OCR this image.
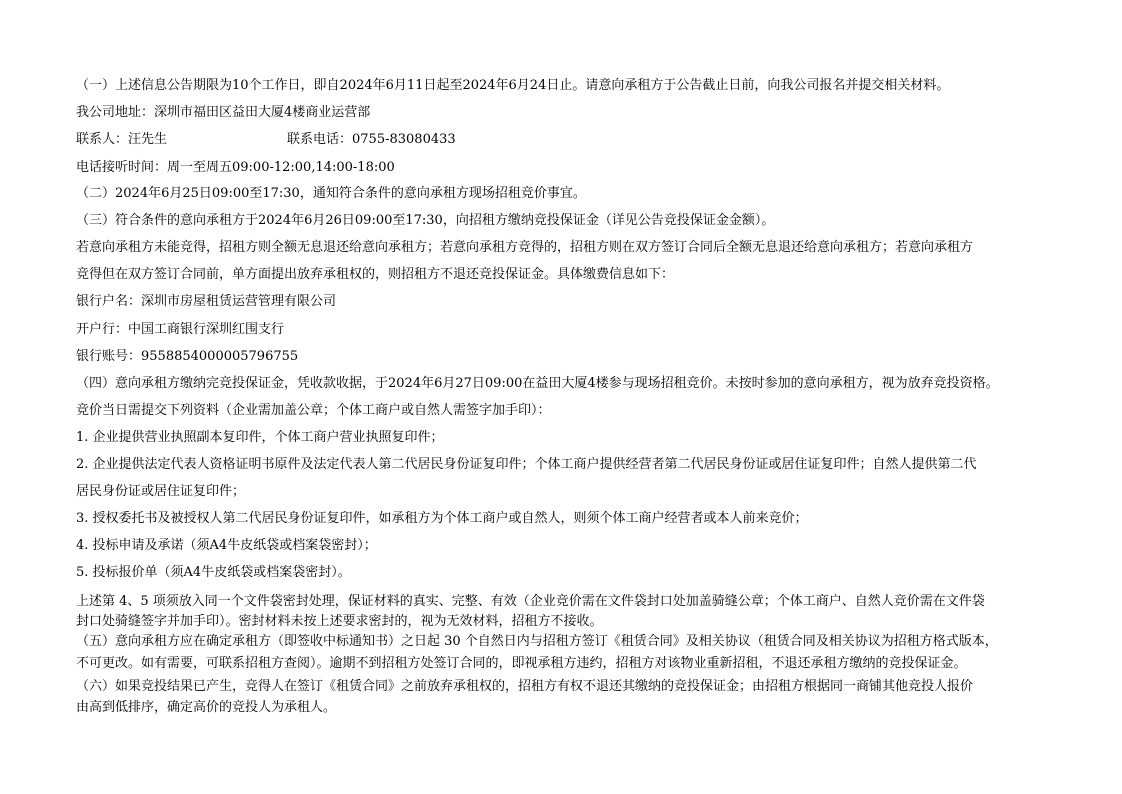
（一）上述信息公告期限为10个工作日，即自2024年6月11日起至2024年6月24日止。请意向承租方于公告截止日前，向我公司报名并提交相关材料。
我公司地址：深圳市福田区益田大厦4楼商业运营部
联系人：汪先生	联系电话：0755-83080433
电话接听时间：周一至周五09:00-12:00,14:00-18:00
（二）2024年6月25日09:00至17:30，通知符合条件的意向承租方现场招租竞价事宜。
（三）符合条件的意向承租方于2024年6月26日09:00至17:30，向招租方缴纳竞投保证金（详见公告竞投保证金金额）。
若意向承租方未能竞得，招租方则全额无息退还给意向承租方；若意向承租方竞得的，招租方则在双方签订合同后全额无息退还给意向承租方；若意向承租方
竞得但在双方签订合同前，单方面提出放弃承租权的，则招租方不退还竞投保证金。具体缴费信息如下：
银行户名：深圳市房屋租赁运营管理有限公司
开户行：中国工商银行深圳红围支行
银行账号：9558854000005796755
（四）意向承租方缴纳完竞投保证金，凭收款收据，于2024年6月27日09:00在益田大厦4楼参与现场招租竞价。未按时参加的意向承租方，视为放弃竞投资格。
竞价当日需提交下列资料（企业需加盖公章；个体工商户或自然人需签字加手印）：
1. 企业提供营业执照副本复印件，个体工商户营业执照复印件；
2. 企业提供法定代表人资格证明书原件及法定代表人第二代居民身份证复印件；个体工商户提供经营者第二代居民身份证或居住证复印件；自然人提供第二代
居民身份证或居住证复印件；
3. 授权委托书及被授权人第二代居民身份证复印件，如承租方为个体工商户或自然人，则须个体工商户经营者或本人前来竞价；
4. 投标申请及承诺（须A4牛皮纸袋或档案袋密封）；
5. 投标报价单（须A4牛皮纸袋或档案袋密封）。
上述第 4、5 项须放入同一个文件袋密封处理，保证材料的真实、完整、有效（企业竞价需在文件袋封口处加盖骑缝公章；个体工商户、自然人竞价需在文件袋
封口处骑缝签字并加手印）。密封材料未按上述要求密封的，视为无效材料，招租方不接收。
（五）意向承租方应在确定承租方（即签收中标通知书）之日起 30 个自然日内与招租方签订《租赁合同》及相关协议（租赁合同及相关协议为招租方格式版本，
不可更改。如有需要，可联系招租方查阅）。逾期不到招租方处签订合同的，即视承租方违约，招租方对该物业重新招租，不退还承租方缴纳的竞投保证金。
（六）如果竞投结果已产生，竞得人在签订《租赁合同》之前放弃承租权的，招租方有权不退还其缴纳的竞投保证金；由招租方根据同一商铺其他竞投人报价
由高到低排序，确定高价的竞投人为承租人。
